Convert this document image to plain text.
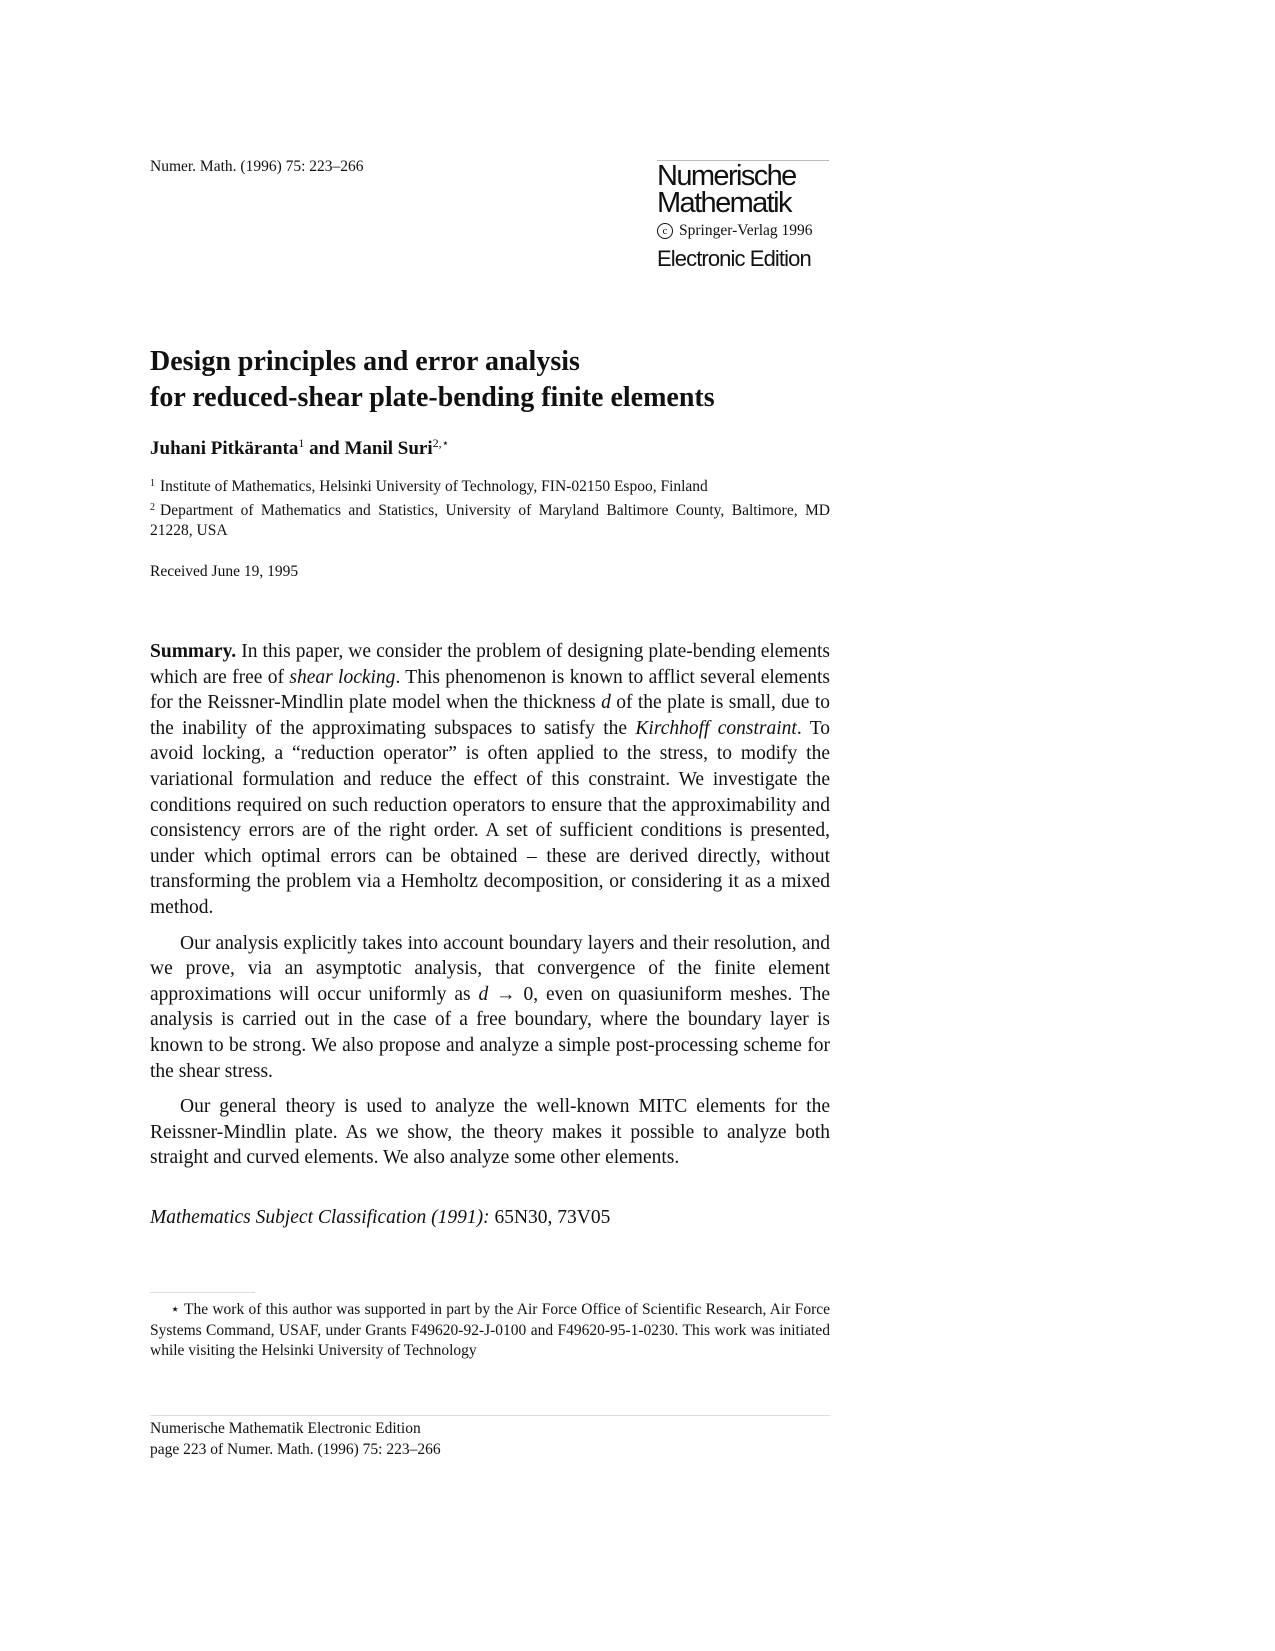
Numer. Math. (1996) 75: 223–266	Numerische
Mathematik
c Springer-Verlag 1996
Electronic Edition
Design principles and error analysis
for reduced-shear plate-bending finite elements
Juhani Pitkäranta$^1$ and Manil Suri$^{2,⋆}$
$^1$ Institute of Mathematics, Helsinki University of Technology, FIN-02150 Espoo, Finland
$^2$ Department of Mathematics and Statistics, University of Maryland Baltimore County, Baltimore, MD 21228, USA
Received June 19, 1995

Summary. In this paper, we consider the problem of designing plate-bending elements which are free of shear locking. This phenomenon is known to afflict several elements for the Reissner-Mindlin plate model when the thickness d of the plate is small, due to the inability of the approximating subspaces to satisfy the Kirchhoff constraint. To avoid locking, a “reduction operator” is often applied to the stress, to modify the variational formulation and reduce the effect of this constraint. We investigate the conditions required on such reduction operators to ensure that the approximability and consistency errors are of the right order. A set of sufficient conditions is presented, under which optimal errors can be obtained – these are derived directly, without transforming the problem via a Hemholtz decomposition, or considering it as a mixed method.

Our analysis explicitly takes into account boundary layers and their resolution, and we prove, via an asymptotic analysis, that convergence of the finite element approximations will occur uniformly as d → 0, even on quasiuniform meshes. The analysis is carried out in the case of a free boundary, where the boundary layer is known to be strong. We also propose and analyze a simple post-processing scheme for the shear stress.

Our general theory is used to analyze the well-known MITC elements for the Reissner-Mindlin plate. As we show, the theory makes it possible to analyze both straight and curved elements. We also analyze some other elements.

Mathematics Subject Classification (1991): 65N30, 73V05
⋆ The work of this author was supported in part by the Air Force Office of Scientific Research, Air Force Systems Command, USAF, under Grants F49620-92-J-0100 and F49620-95-1-0230. This work was initiated while visiting the Helsinki University of Technology
Numerische Mathematik Electronic Edition
page 223 of Numer. Math. (1996) 75: 223–266
